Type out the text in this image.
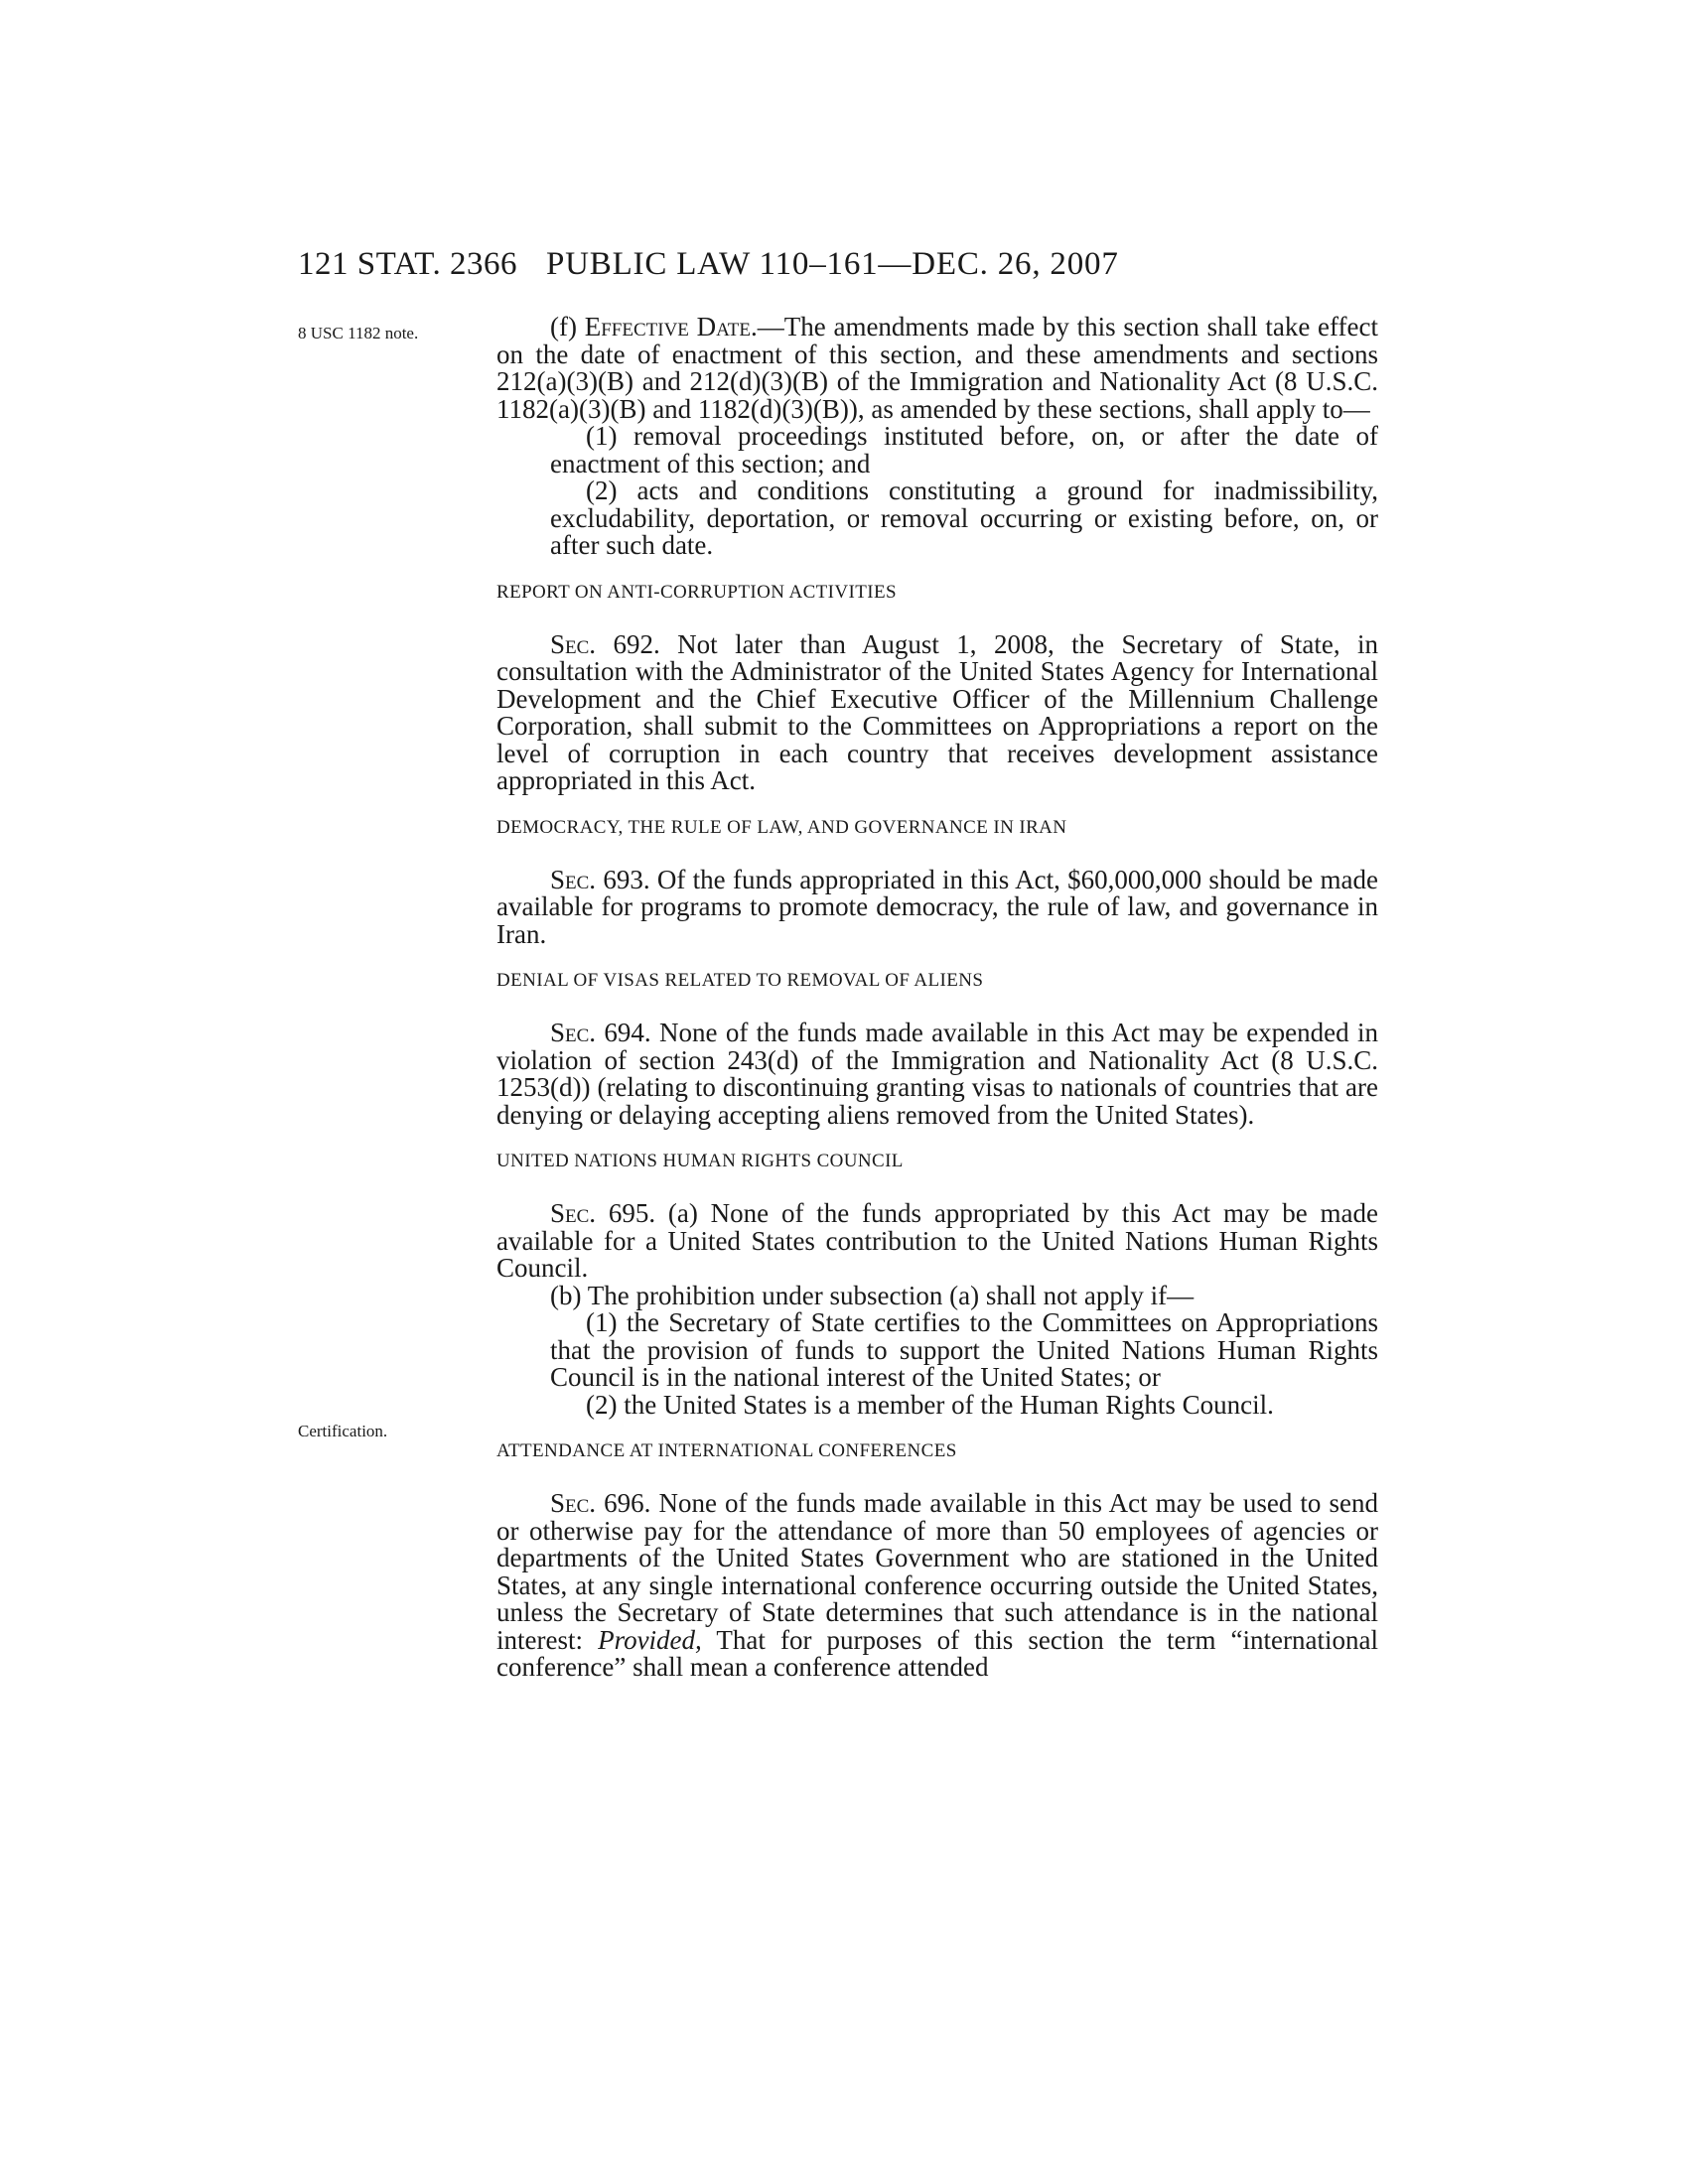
121 STAT. 2366 PUBLIC LAW 110–161—DEC. 26, 2007
8 USC 1182 note.
Certification.

(f) Effective Date.—The amendments made by this section shall take effect on the date of enactment of this section, and these amendments and sections 212(a)(3)(B) and 212(d)(3)(B) of the Immigration and Nationality Act (8 U.S.C. 1182(a)(3)(B) and 1182(d)(3)(B)), as amended by these sections, shall apply to—

(1) removal proceedings instituted before, on, or after the date of enactment of this section; and

(2) acts and conditions constituting a ground for inadmissibility, excludability, deportation, or removal occurring or existing before, on, or after such date.

REPORT ON ANTI-CORRUPTION ACTIVITIES

Sec. 692. Not later than August 1, 2008, the Secretary of State, in consultation with the Administrator of the United States Agency for International Development and the Chief Executive Officer of the Millennium Challenge Corporation, shall submit to the Committees on Appropriations a report on the level of corruption in each country that receives development assistance appropriated in this Act.

DEMOCRACY, THE RULE OF LAW, AND GOVERNANCE IN IRAN

Sec. 693. Of the funds appropriated in this Act, $60,000,000 should be made available for programs to promote democracy, the rule of law, and governance in Iran.

DENIAL OF VISAS RELATED TO REMOVAL OF ALIENS

Sec. 694. None of the funds made available in this Act may be expended in violation of section 243(d) of the Immigration and Nationality Act (8 U.S.C. 1253(d)) (relating to discontinuing granting visas to nationals of countries that are denying or delaying accepting aliens removed from the United States).

UNITED NATIONS HUMAN RIGHTS COUNCIL

Sec. 695. (a) None of the funds appropriated by this Act may be made available for a United States contribution to the United Nations Human Rights Council.

(b) The prohibition under subsection (a) shall not apply if—

(1) the Secretary of State certifies to the Committees on Appropriations that the provision of funds to support the United Nations Human Rights Council is in the national interest of the United States; or

(2) the United States is a member of the Human Rights Council.

ATTENDANCE AT INTERNATIONAL CONFERENCES

Sec. 696. None of the funds made available in this Act may be used to send or otherwise pay for the attendance of more than 50 employees of agencies or departments of the United States Government who are stationed in the United States, at any single international conference occurring outside the United States, unless the Secretary of State determines that such attendance is in the national interest: Provided, That for purposes of this section the term “international conference” shall mean a conference attended
